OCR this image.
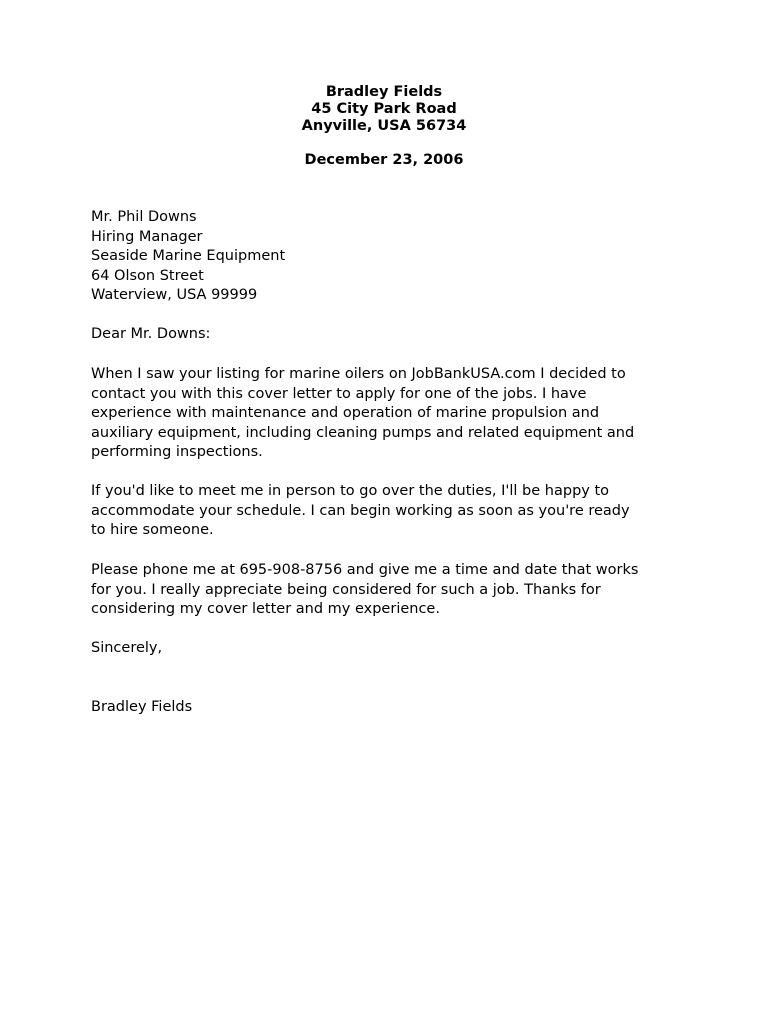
Bradley Fields
45 City Park Road
Anyville, USA 56734
December 23, 2006
Mr. Phil Downs
Hiring Manager
Seaside Marine Equipment
64 Olson Street
Waterview, USA 99999
Dear Mr. Downs:
When I saw your listing for marine oilers on JobBankUSA.com I decided to
contact you with this cover letter to apply for one of the jobs. I have
experience with maintenance and operation of marine propulsion and
auxiliary equipment, including cleaning pumps and related equipment and
performing inspections.
If you'd like to meet me in person to go over the duties, I'll be happy to
accommodate your schedule. I can begin working as soon as you're ready
to hire someone.
Please phone me at 695-908-8756 and give me a time and date that works
for you. I really appreciate being considered for such a job. Thanks for
considering my cover letter and my experience.
Sincerely,
Bradley Fields
